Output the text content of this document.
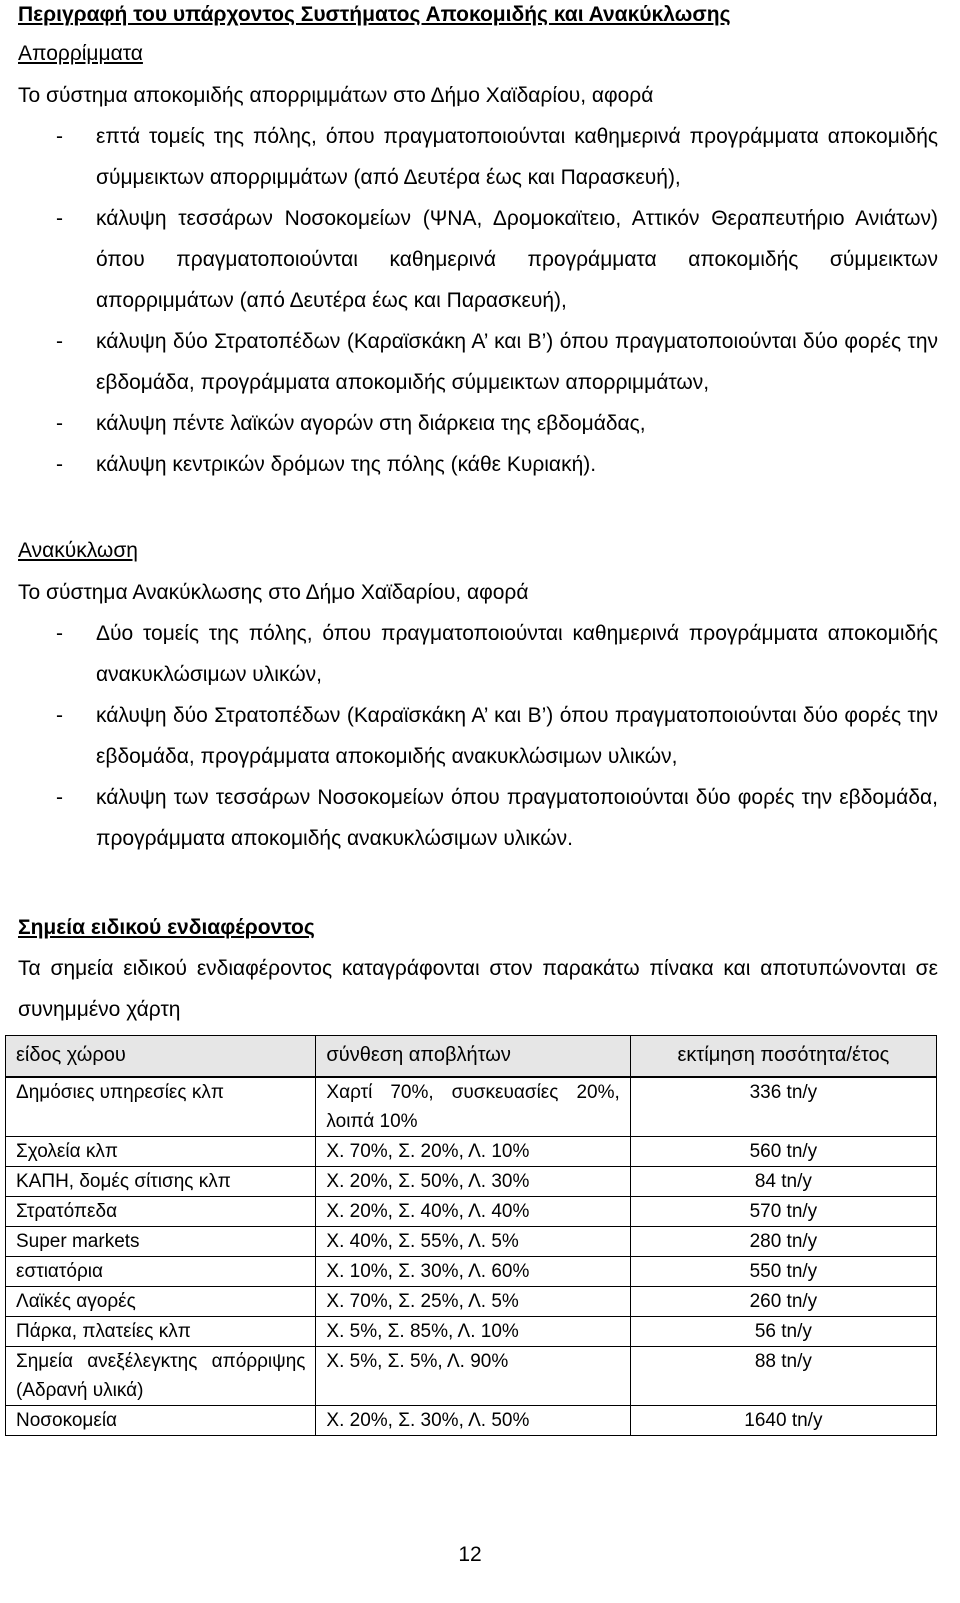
Περιγραφή του υπάρχοντος Συστήματος Αποκομιδής και Ανακύκλωσης
Απορρίμματα
Το σύστημα αποκομιδής απορριμμάτων στο Δήμο Χαϊδαρίου, αφορά
- επτά τομείς της πόλης, όπου πραγματοποιούνται καθημερινά προγράμματα αποκομιδής σύμμεικτων απορριμμάτων (από Δευτέρα έως και Παρασκευή),
- κάλυψη τεσσάρων Νοσοκομείων (ΨΝΑ, Δρομοκαϊτειο, Αττικόν Θεραπευτήριο Ανιάτων) όπου πραγματοποιούνται καθημερινά προγράμματα αποκομιδής σύμμεικτων απορριμμάτων (από Δευτέρα έως και Παρασκευή),
- κάλυψη δύο Στρατοπέδων (Καραϊσκάκη Α’ και Β’) όπου πραγματοποιούνται δύο φορές την εβδομάδα, προγράμματα αποκομιδής σύμμεικτων απορριμμάτων,
- κάλυψη πέντε λαϊκών αγορών στη διάρκεια της εβδομάδας,
- κάλυψη κεντρικών δρόμων της πόλης (κάθε Κυριακή).
Ανακύκλωση
Το σύστημα Ανακύκλωσης στο Δήμο Χαϊδαρίου, αφορά
- Δύο τομείς της πόλης, όπου πραγματοποιούνται καθημερινά προγράμματα αποκομιδής ανακυκλώσιμων υλικών,
- κάλυψη δύο Στρατοπέδων (Καραϊσκάκη Α’ και Β’) όπου πραγματοποιούνται δύο φορές την εβδομάδα, προγράμματα αποκομιδής ανακυκλώσιμων υλικών,
- κάλυψη των τεσσάρων Νοσοκομείων όπου πραγματοποιούνται δύο φορές την εβδομάδα, προγράμματα αποκομιδής ανακυκλώσιμων υλικών.
Σημεία ειδικού ενδιαφέροντος
Τα σημεία ειδικού ενδιαφέροντος καταγράφονται στον παρακάτω πίνακα και αποτυπώνονται σε συνημμένο χάρτη
είδος χώρου	σύνθεση αποβλήτων	εκτίμηση ποσότητα/έτος
Δημόσιες υπηρεσίες κλπ	Χαρτί 70%, συσκευασίες 20%, λοιπά 10%	336 tn/y
Σχολεία κλπ	Χ. 70%, Σ. 20%, Λ. 10%	560 tn/y
ΚΑΠΗ, δομές σίτισης κλπ	Χ. 20%, Σ. 50%, Λ. 30%	84 tn/y
Στρατόπεδα	Χ. 20%, Σ. 40%, Λ. 40%	570 tn/y
Super markets	Χ. 40%, Σ. 55%, Λ. 5%	280 tn/y
εστιατόρια	Χ. 10%, Σ. 30%, Λ. 60%	550 tn/y
Λαϊκές αγορές	Χ. 70%, Σ. 25%, Λ. 5%	260 tn/y
Πάρκα, πλατείες κλπ	Χ. 5%, Σ. 85%, Λ. 10%	56 tn/y
Σημεία ανεξέλεγκτης απόρριψης (Αδρανή υλικά)	Χ. 5%, Σ. 5%, Λ. 90%	88 tn/y
Νοσοκομεία	Χ. 20%, Σ. 30%, Λ. 50%	1640 tn/y
12
